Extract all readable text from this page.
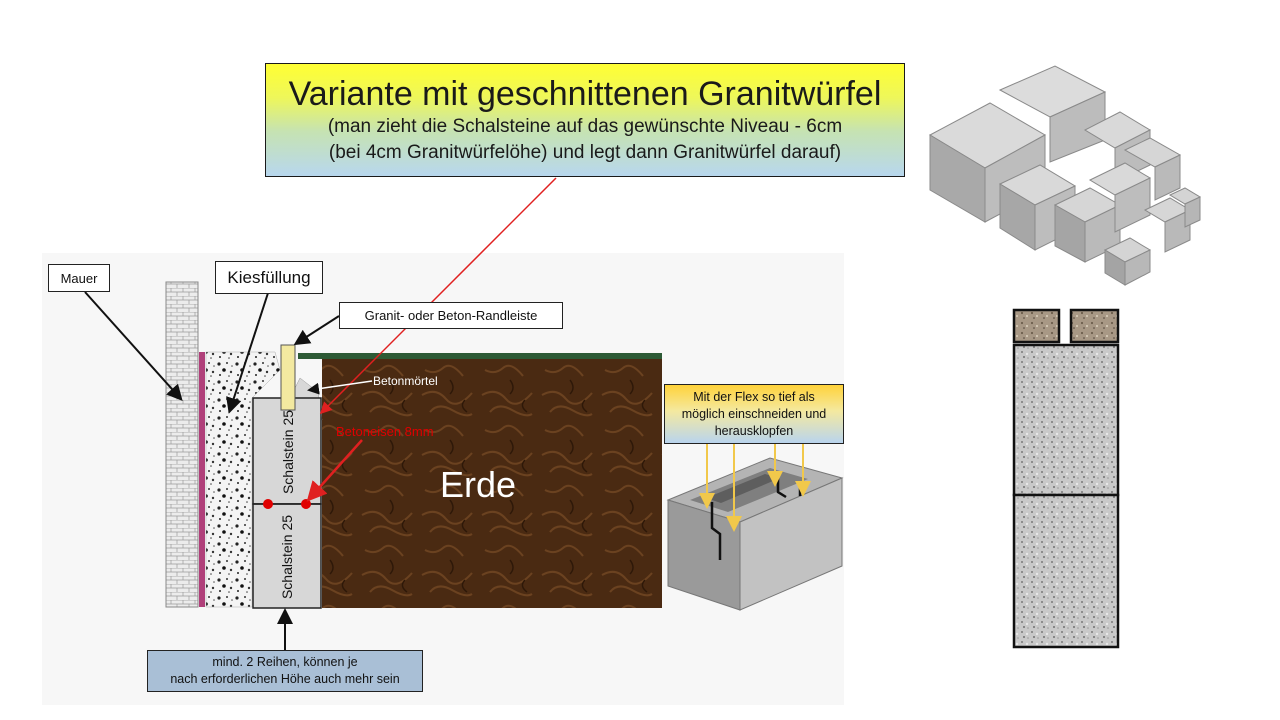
Variante mit geschnittenen Granitwürfel
(man zieht die Schalsteine auf das gewünschte Niveau - 6cm
(bei 4cm Granitwürfelöhe) und legt dann Granitwürfel darauf)
Schalstein 25
Schalstein 25
Erde
Betoneisen 8mm
Betonmörtel
Mauer	Kiesfüllung
Granit- oder Beton-Randleiste
Mit der Flex so tief als
möglich einschneiden und
herausklopfen
mind. 2 Reihen, können je
nach erforderlichen Höhe auch mehr sein
